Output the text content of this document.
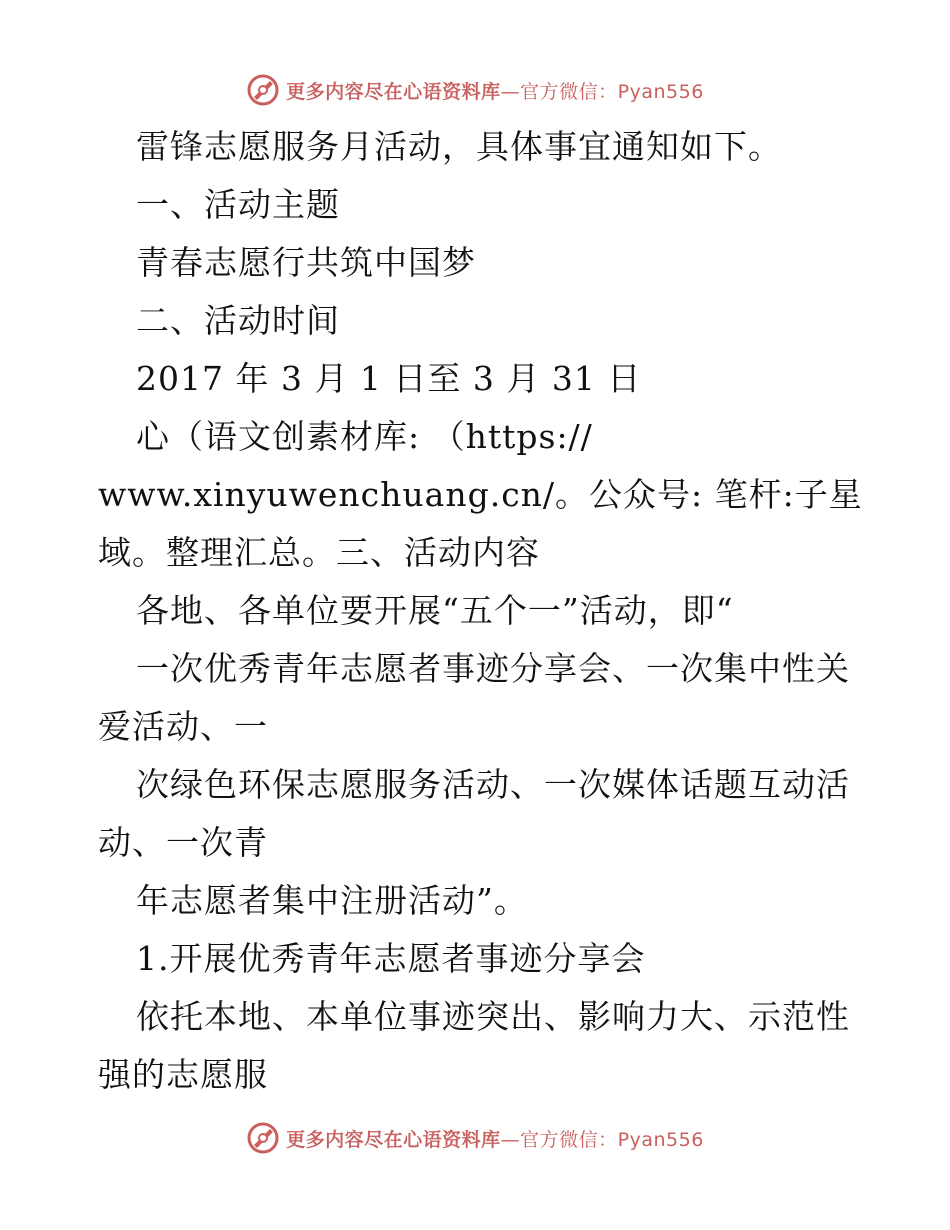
更多内容尽在心语资料库—官方微信：Pyan556
雷锋志愿服务月活动，具体事宜通知如下。
一、活动主题
青春志愿行共筑中国梦
二、活动时间
2017 年 3 月 1 日至 3 月 31 日
心（语文创素材库: （https://
www.xinyuwenchuang.cn/。公众号: 笔杆:子星
域。整理汇总。三、活动内容
各地、各单位要开展“五个一”活动，即“
一次优秀青年志愿者事迹分享会、一次集中性关
爱活动、一
次绿色环保志愿服务活动、一次媒体话题互动活
动、一次青
年志愿者集中注册活动”。
1.开展优秀青年志愿者事迹分享会
依托本地、本单位事迹突出、影响力大、示范性
强的志愿服
更多内容尽在心语资料库—官方微信：Pyan556
